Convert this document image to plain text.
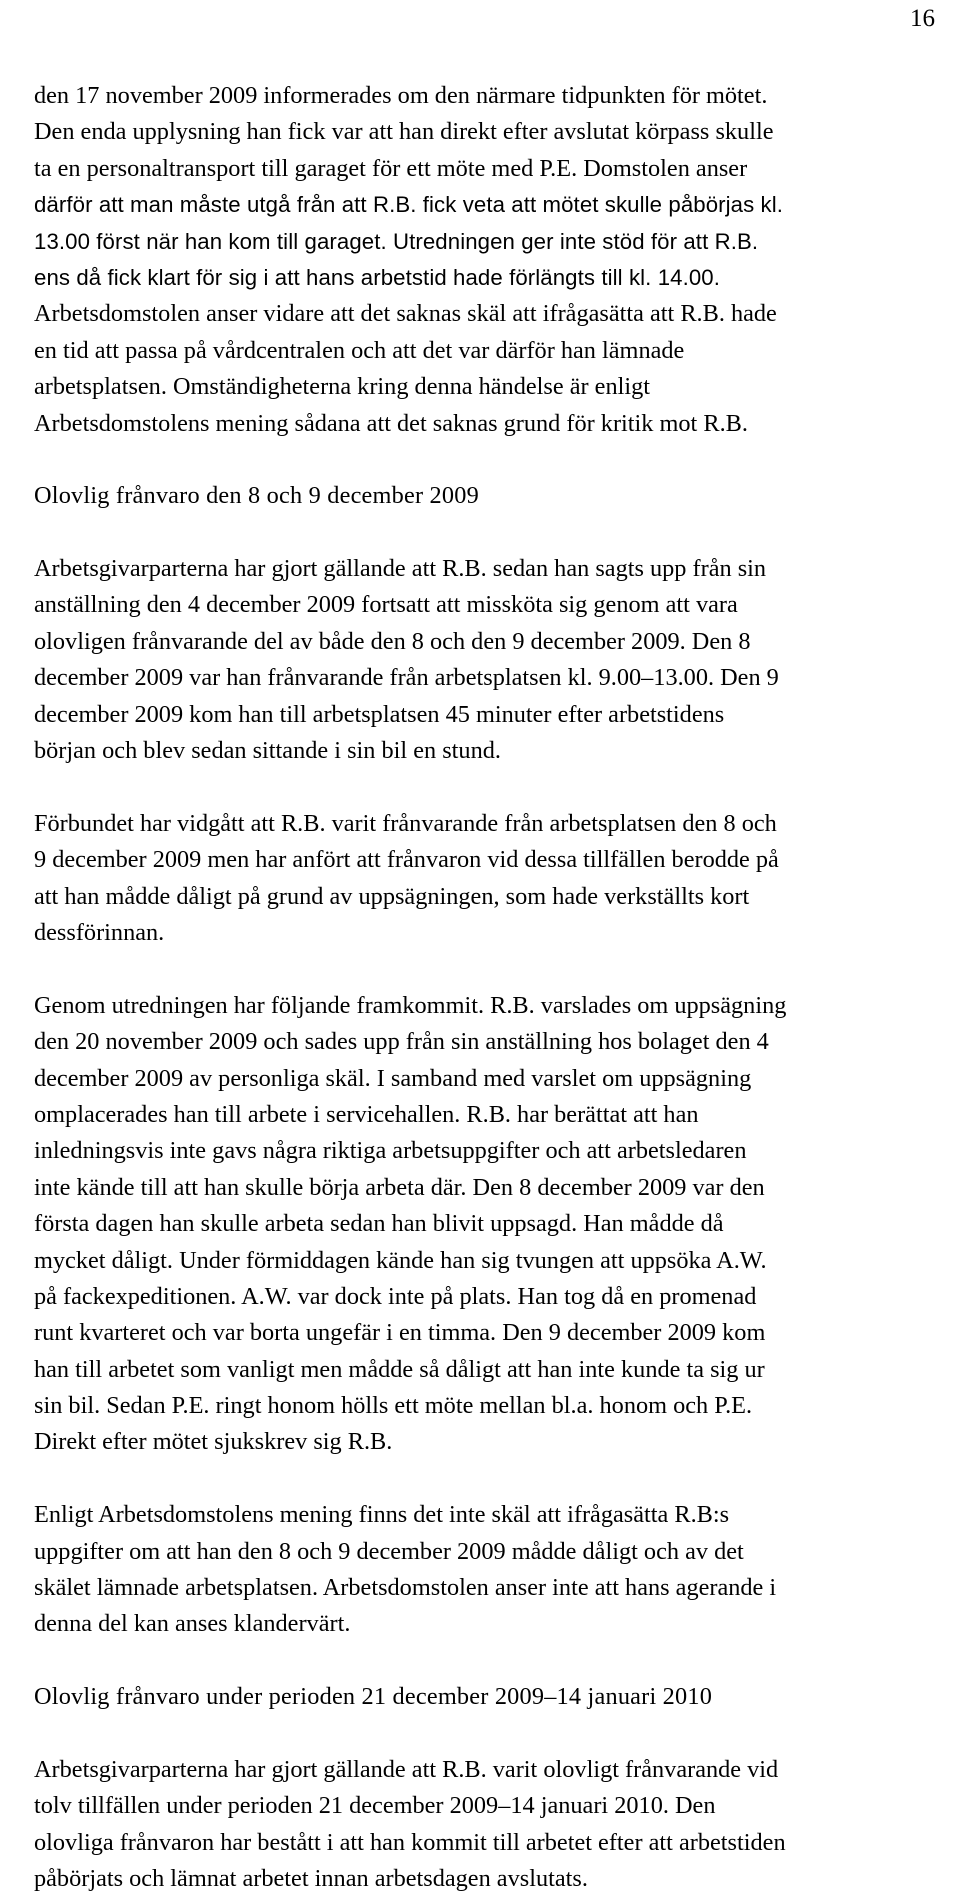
16
den 17 november 2009 informerades om den närmare tidpunkten för mötet.
Den enda upplysning han fick var att han direkt efter avslutat körpass skulle
ta en personaltransport till garaget för ett möte med P.E. Domstolen anser
därför att man måste utgå från att R.B. fick veta att mötet skulle påbörjas kl.
13.00 först när han kom till garaget. Utredningen ger inte stöd för att R.B.
ens då fick klart för sig i att hans arbetstid hade förlängts till kl. 14.00.
Arbetsdomstolen anser vidare att det saknas skäl att ifrågasätta att R.B. hade
en tid att passa på vårdcentralen och att det var därför han lämnade
arbetsplatsen. Omständigheterna kring denna händelse är enligt
Arbetsdomstolens mening sådana att det saknas grund för kritik mot R.B.
Olovlig frånvaro den 8 och 9 december 2009
Arbetsgivarparterna har gjort gällande att R.B. sedan han sagts upp från sin
anställning den 4 december 2009 fortsatt att missköta sig genom att vara
olovligen frånvarande del av både den 8 och den 9 december 2009. Den 8
december 2009 var han frånvarande från arbetsplatsen kl. 9.00–13.00. Den 9
december 2009 kom han till arbetsplatsen 45 minuter efter arbetstidens
början och blev sedan sittande i sin bil en stund.
Förbundet har vidgått att R.B. varit frånvarande från arbetsplatsen den 8 och
9 december 2009 men har anfört att frånvaron vid dessa tillfällen berodde på
att han mådde dåligt på grund av uppsägningen, som hade verkställts kort
dessförinnan.
Genom utredningen har följande framkommit. R.B. varslades om uppsägning
den 20 november 2009 och sades upp från sin anställning hos bolaget den 4
december 2009 av personliga skäl. I samband med varslet om uppsägning
omplacerades han till arbete i servicehallen. R.B. har berättat att han
inledningsvis inte gavs några riktiga arbetsuppgifter och att arbetsledaren
inte kände till att han skulle börja arbeta där. Den 8 december 2009 var den
första dagen han skulle arbeta sedan han blivit uppsagd. Han mådde då
mycket dåligt. Under förmiddagen kände han sig tvungen att uppsöka A.W.
på fackexpeditionen. A.W. var dock inte på plats. Han tog då en promenad
runt kvarteret och var borta ungefär i en timma. Den 9 december 2009 kom
han till arbetet som vanligt men mådde så dåligt att han inte kunde ta sig ur
sin bil. Sedan P.E. ringt honom hölls ett möte mellan bl.a. honom och P.E.
Direkt efter mötet sjukskrev sig R.B.
Enligt Arbetsdomstolens mening finns det inte skäl att ifrågasätta R.B:s
uppgifter om att han den 8 och 9 december 2009 mådde dåligt och av det
skälet lämnade arbetsplatsen. Arbetsdomstolen anser inte att hans agerande i
denna del kan anses klandervärt.
Olovlig frånvaro under perioden 21 december 2009–14 januari 2010
Arbetsgivarparterna har gjort gällande att R.B. varit olovligt frånvarande vid
tolv tillfällen under perioden 21 december 2009–14 januari 2010. Den
olovliga frånvaron har bestått i att han kommit till arbetet efter att arbetstiden
påbörjats och lämnat arbetet innan arbetsdagen avslutats.
